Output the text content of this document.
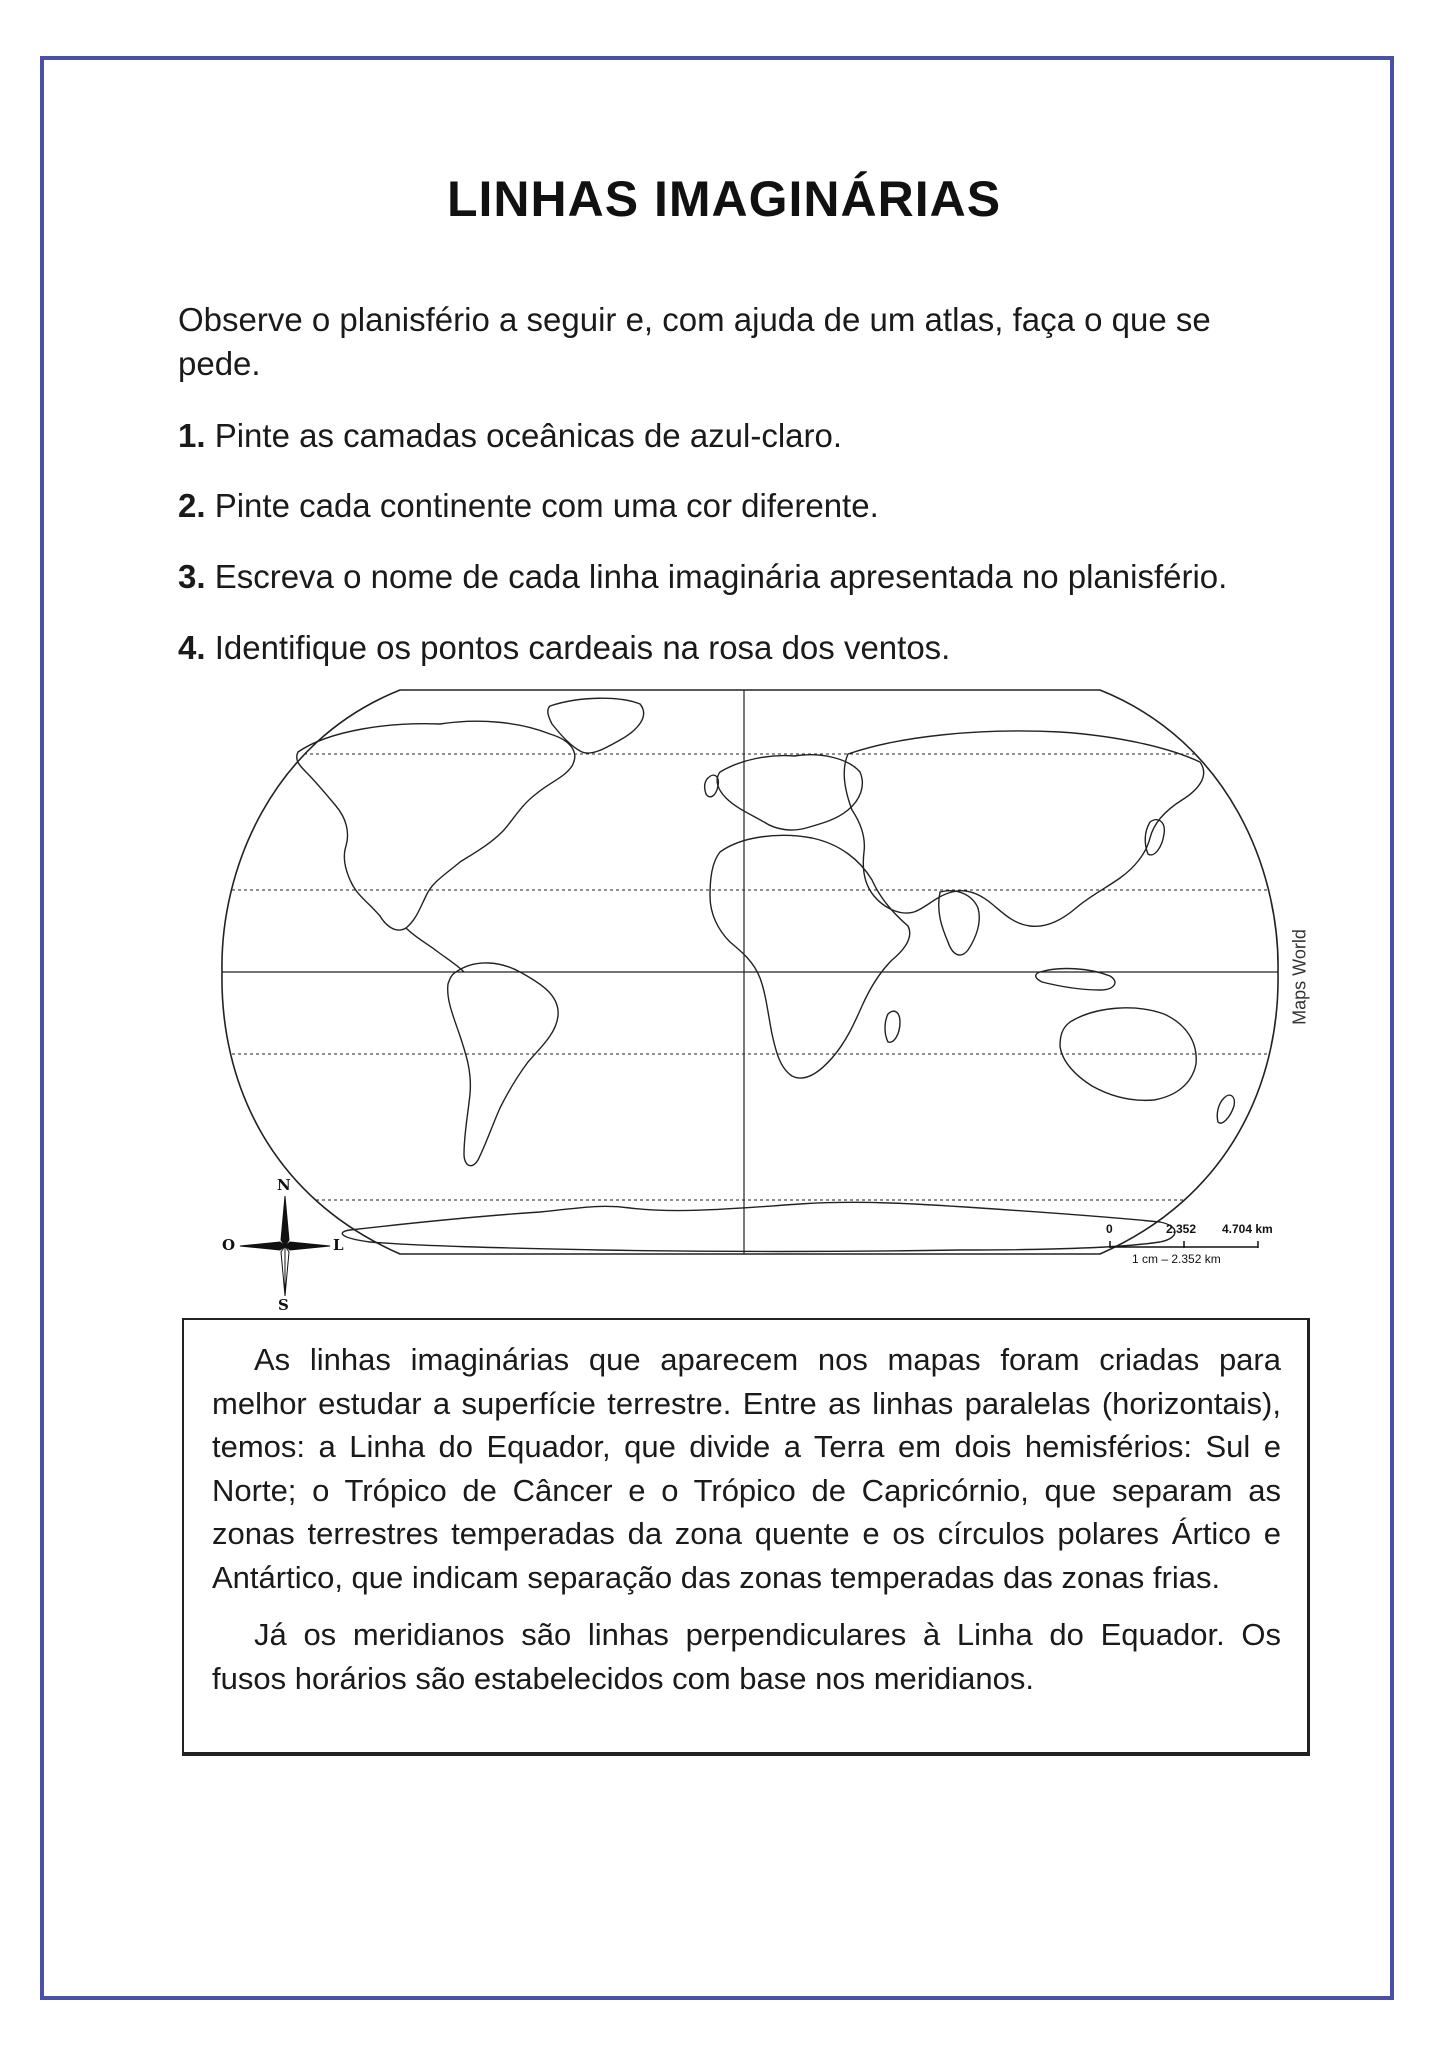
LINHAS IMAGINÁRIAS
Observe o planisfério a seguir e, com ajuda de um atlas, faça o que se pede.
1. Pinte as camadas oceânicas de azul-claro.
2. Pinte cada continente com uma cor diferente.
3. Escreva o nome de cada linha imaginária apresentada no planisfério.
4. Identifique os pontos cardeais na rosa dos ventos.
Maps World
N
S
O	L
0	2.352 4.704 km
1 cm – 2.352 km

As linhas imaginárias que aparecem nos mapas foram criadas para melhor estudar a superfície terrestre. Entre as linhas paralelas (horizontais), temos: a Linha do Equador, que divide a Terra em dois hemisférios: Sul e Norte; o Trópico de Câncer e o Trópico de Capricórnio, que separam as zonas terrestres temperadas da zona quente e os círculos polares Ártico e Antártico, que indicam separação das zonas temperadas das zonas frias.

Já os meridianos são linhas perpendiculares à Linha do Equador. Os fusos horários são estabelecidos com base nos meridianos.
